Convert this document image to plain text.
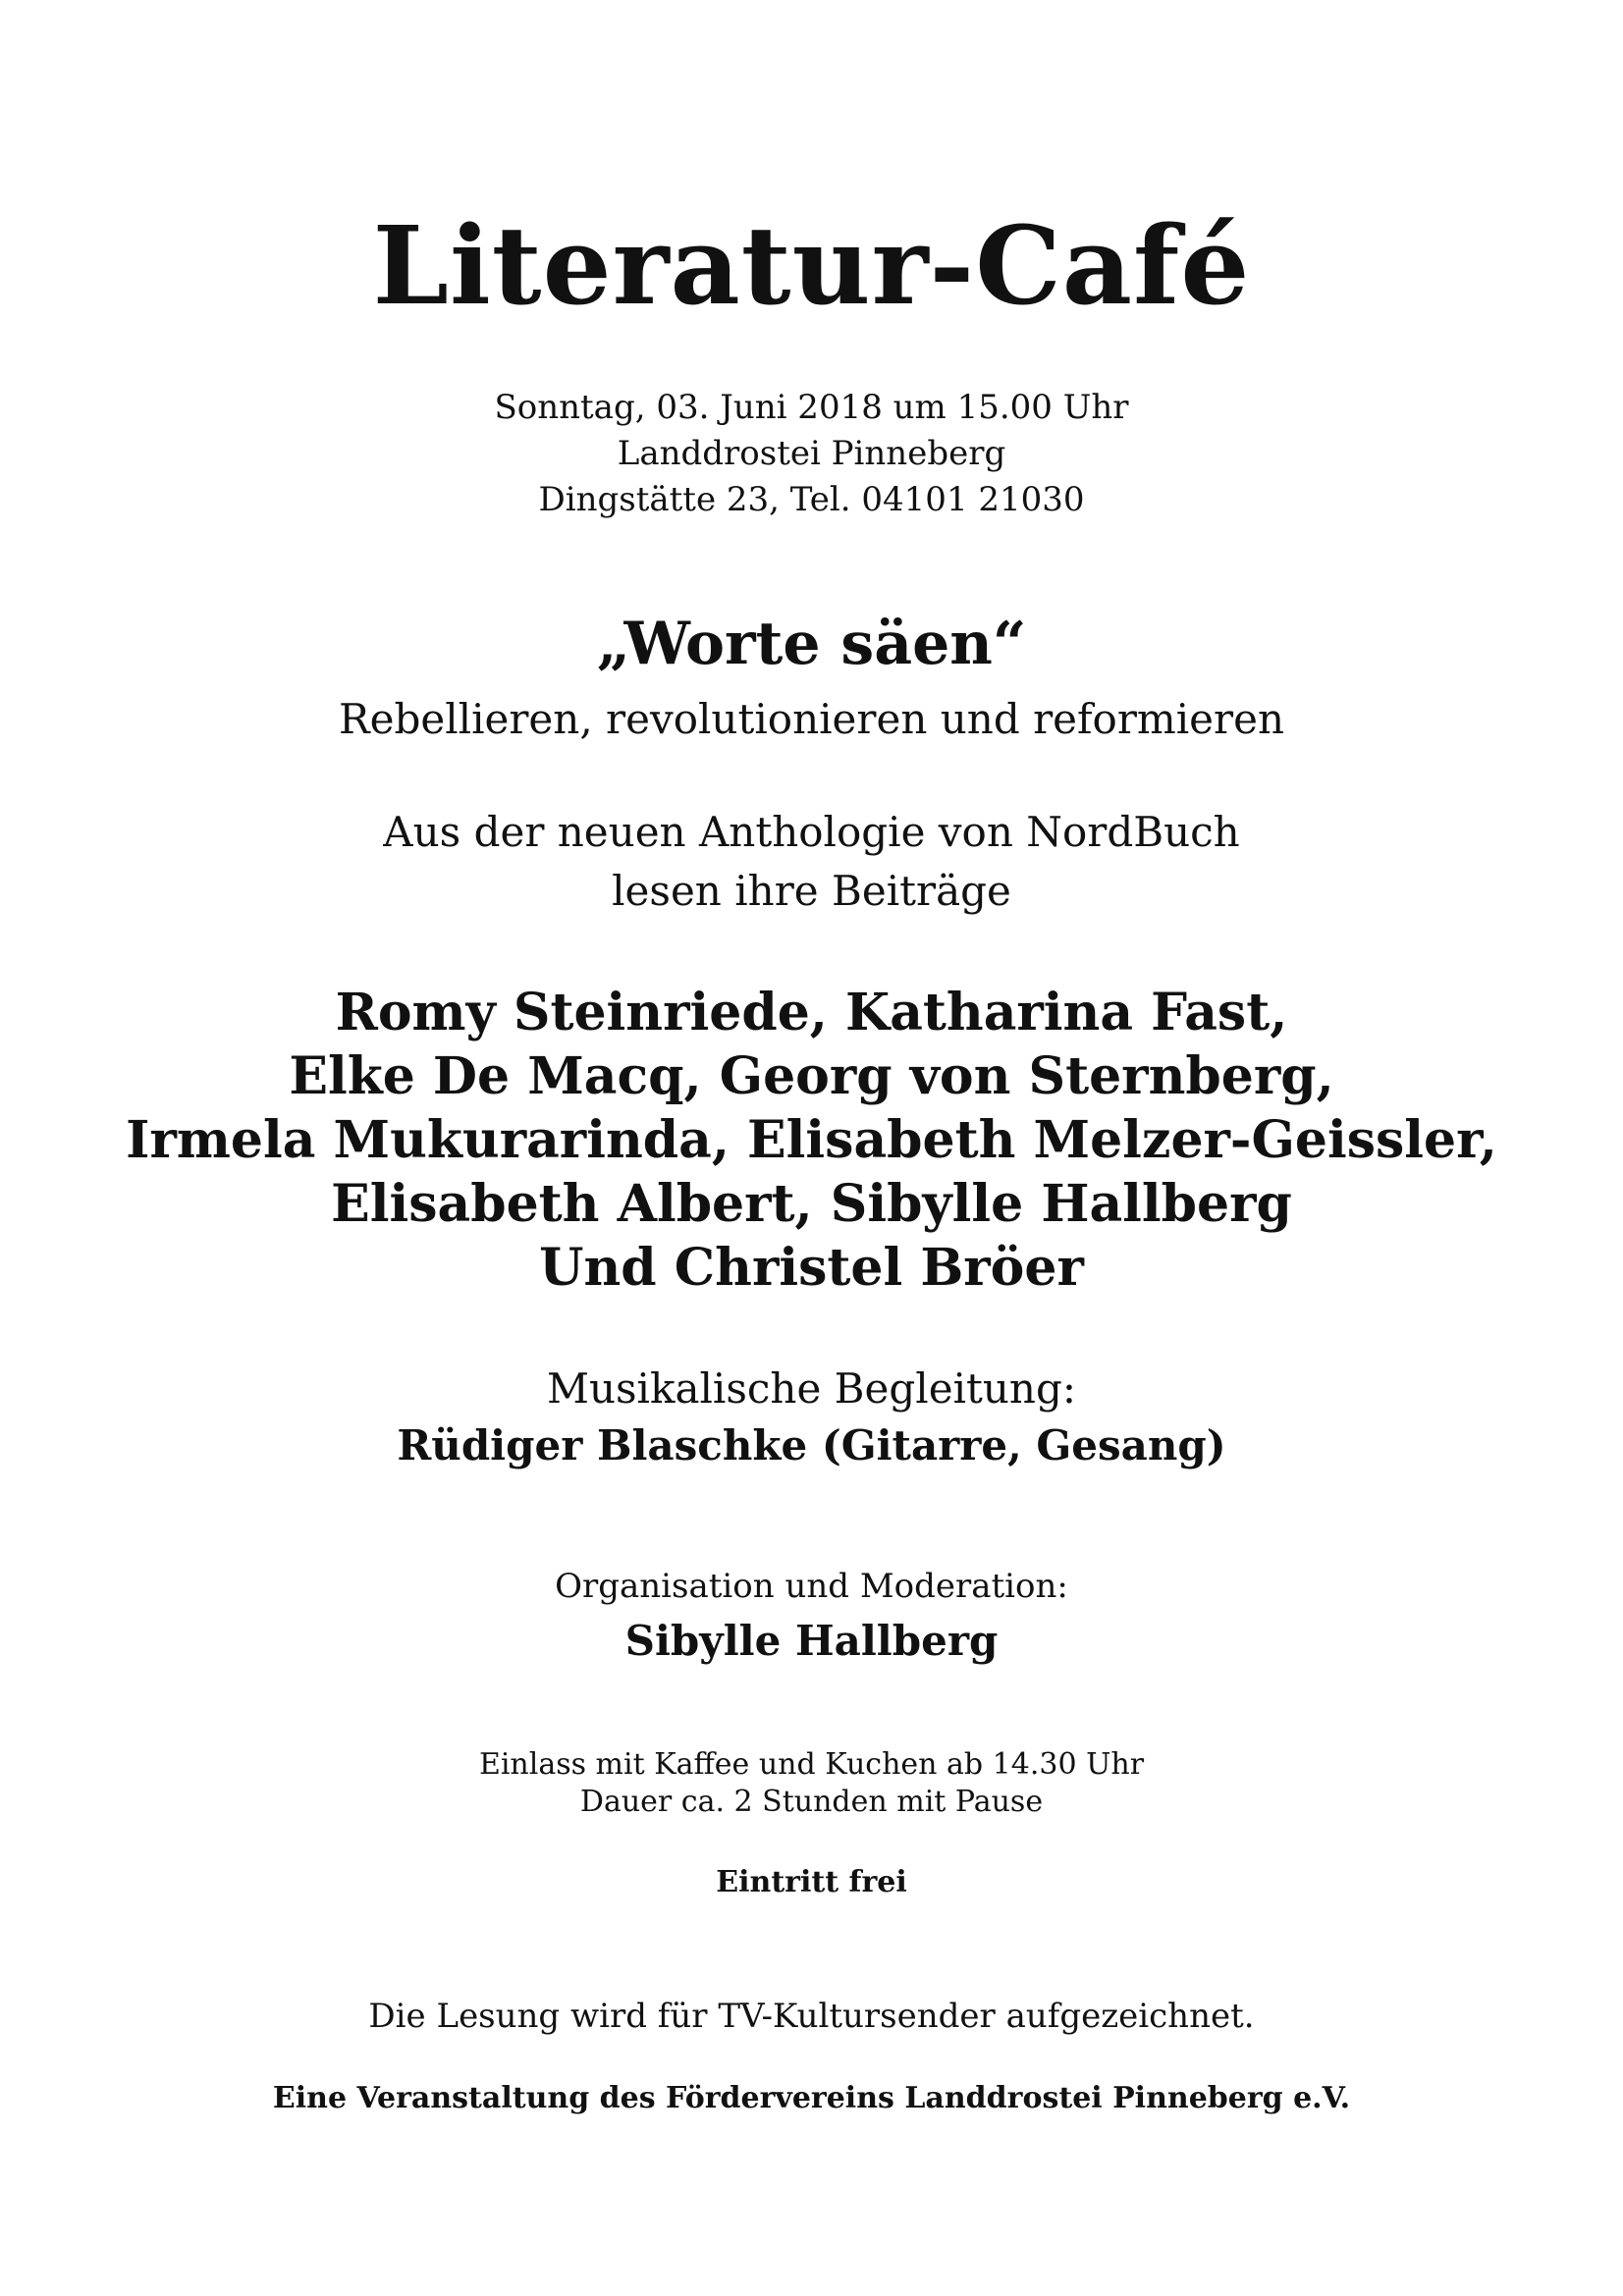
Literatur-Café
Sonntag, 03. Juni 2018 um 15.00 Uhr
Landdrostei Pinneberg
Dingstätte 23, Tel. 04101 21030
„Worte säen“
Rebellieren, revolutionieren und reformieren
Aus der neuen Anthologie von NordBuch
lesen ihre Beiträge
Romy Steinriede, Katharina Fast,
Elke De Macq, Georg von Sternberg,
Irmela Mukurarinda, Elisabeth Melzer-Geissler,
Elisabeth Albert, Sibylle Hallberg
Und Christel Bröer
Musikalische Begleitung:
Rüdiger Blaschke (Gitarre, Gesang)
Organisation und Moderation:
Sibylle Hallberg
Einlass mit Kaffee und Kuchen ab 14.30 Uhr
Dauer ca. 2 Stunden mit Pause
Eintritt frei
Die Lesung wird für TV-Kultursender aufgezeichnet.
Eine Veranstaltung des Fördervereins Landdrostei Pinneberg e.V.
